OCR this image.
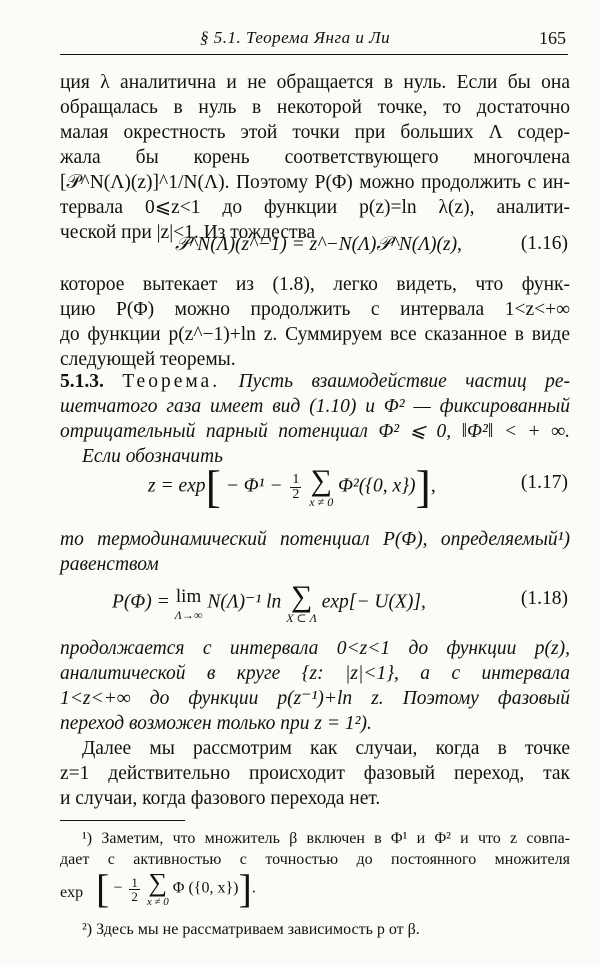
§ 5.1. Теорема Янга и Ли	165
ция λ аналитична и не обращается в нуль. Если бы она
обращалась в нуль в некоторой точке, то достаточно
малая окрестность этой точки при больших Λ содер-
жала бы корень соответствующего многочлена
[𝒫^N(Λ)(z)]^1/N(Λ). Поэтому P(Φ) можно продолжить с ин-
тервала 0⩽z<1 до функции p(z)=ln λ(z), аналити-
ческой при |z|<1. Из тождества
𝒫^N(Λ)(z^−1) = z^−N(Λ)𝒫^N(Λ)(z),	(1.16)
которое вытекает из (1.8), легко видеть, что функ-
цию P(Φ) можно продолжить с интервала 1<z<+∞
до функции p(z^−1)+ln z. Суммируем все сказанное в виде
следующей теоремы.
5.1.3. Теорема. Пусть взаимодействие частиц ре-
шетчатого газа имеет вид (1.10) и Φ² — фиксированный
отрицательный парный потенциал Φ² ⩽ 0, ‖Φ²‖ < + ∞.
Если обозначить
$z = \exp[ - \Phi^1 - \frac{1}{2}$
∑
x ≠ 0
Φ²({0, x})],	(1.17)
то термодинамический потенциал P(Φ), определяемый¹)
равенством
P(Φ) = lim
Λ→∞
N(Λ)⁻¹ ln ∑
X ⊂ Λ
exp[− U(X)],	(1.18)
продолжается с интервала 0<z<1 до функции p(z),
аналитической в круге {z: |z|<1}, а с интервала
1<z<+∞ до функции p(z⁻¹)+ln z. Поэтому фазовый
переход возможен только при z = 1²).
Далее мы рассмотрим как случаи, когда в точке
z=1 действительно происходит фазовый переход, так
и случаи, когда фазового перехода нет.
¹) Заметим, что множитель β включен в Φ¹ и Φ² и что z совпа-
дает с активностью с точностью до постоянного множителя
exp [ − $\frac{1}{2}$
∑
x ≠ 0
Φ ({0, x})].
²) Здесь мы не рассматриваем зависимость p от β.
